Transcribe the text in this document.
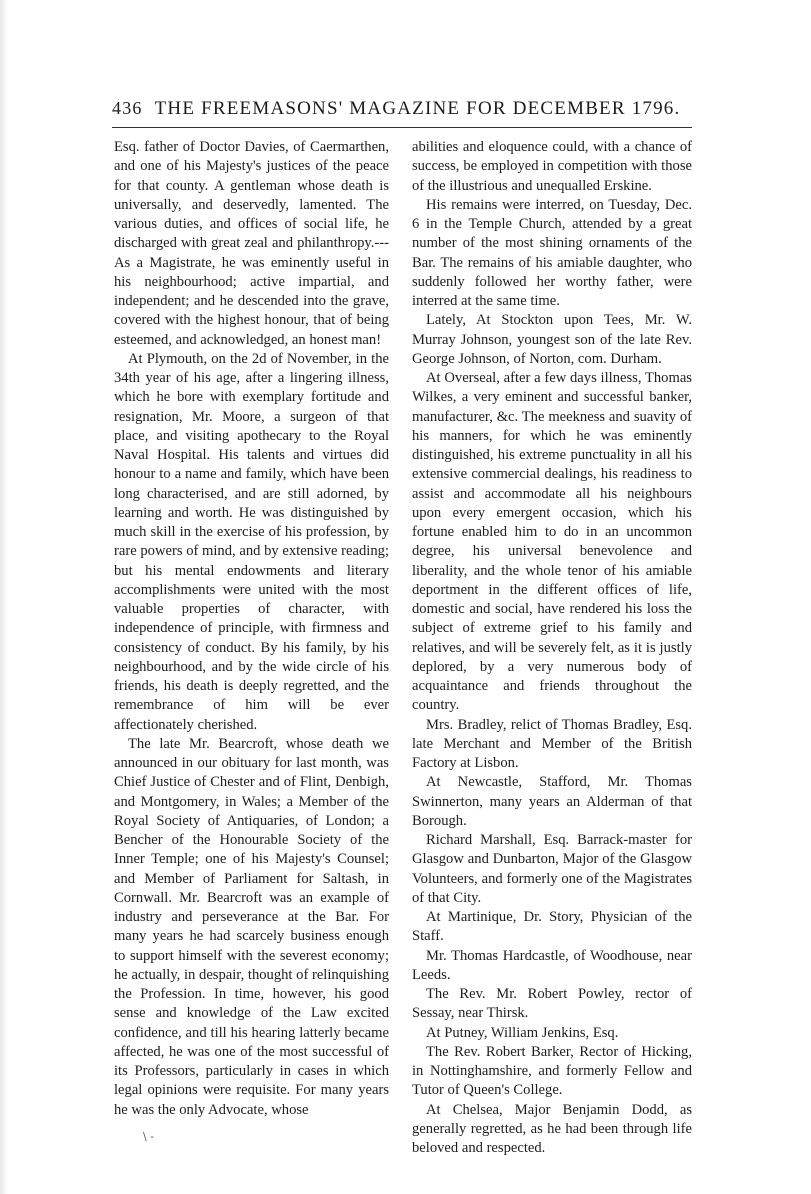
436 THE FREEMASONS' MAGAZINE FOR DECEMBER 1796.

Esq. father of Doctor Davies, of Caermarthen, and one of his Majesty's justices of the peace for that county. A gentleman whose death is universally, and deservedly, lamented. The various duties, and offices of social life, he discharged with great zeal and philanthropy.---As a Magistrate, he was eminently useful in his neighbourhood; active impartial, and independent; and he descended into the grave, covered with the highest honour, that of being esteemed, and acknowledged, an honest man!

At Plymouth, on the 2d of November, in the 34th year of his age, after a lingering illness, which he bore with exemplary fortitude and resignation, Mr. Moore, a surgeon of that place, and visiting apothecary to the Royal Naval Hospital. His talents and virtues did honour to a name and family, which have been long characterised, and are still adorned, by learning and worth. He was distinguished by much skill in the exercise of his profession, by rare powers of mind, and by extensive reading; but his mental endowments and literary accomplishments were united with the most valuable properties of character, with independence of principle, with firmness and consistency of conduct. By his family, by his neighbourhood, and by the wide circle of his friends, his death is deeply regretted, and the remembrance of him will be ever affectionately cherished.

The late Mr. Bearcroft, whose death we announced in our obituary for last month, was Chief Justice of Chester and of Flint, Denbigh, and Montgomery, in Wales; a Member of the Royal Society of Antiquaries, of London; a Bencher of the Honourable Society of the Inner Temple; one of his Majesty's Counsel; and Member of Parliament for Saltash, in Cornwall. Mr. Bearcroft was an example of industry and perseverance at the Bar. For many years he had scarcely business enough to support himself with the severest economy; he actually, in despair, thought of relinquishing the Profession. In time, however, his good sense and knowledge of the Law excited confidence, and till his hearing latterly became affected, he was one of the most successful of its Professors, particularly in cases in which legal opinions were requisite. For many years he was the only Advocate, whose

abilities and eloquence could, with a chance of success, be employed in competition with those of the illustrious and unequalled Erskine.

His remains were interred, on Tuesday, Dec. 6 in the Temple Church, attended by a great number of the most shining ornaments of the Bar. The remains of his amiable daughter, who suddenly followed her worthy father, were interred at the same time.

Lately, At Stockton upon Tees, Mr. W. Murray Johnson, youngest son of the late Rev. George Johnson, of Norton, com. Durham.

At Overseal, after a few days illness, Thomas Wilkes, a very eminent and successful banker, manufacturer, &c. The meekness and suavity of his manners, for which he was eminently distinguished, his extreme punctuality in all his extensive commercial dealings, his readiness to assist and accommodate all his neighbours upon every emergent occasion, which his fortune enabled him to do in an uncommon degree, his universal benevolence and liberality, and the whole tenor of his amiable deportment in the different offices of life, domestic and social, have rendered his loss the subject of extreme grief to his family and relatives, and will be severely felt, as it is justly deplored, by a very numerous body of acquaintance and friends throughout the country.

Mrs. Bradley, relict of Thomas Bradley, Esq. late Merchant and Member of the British Factory at Lisbon.

At Newcastle, Stafford, Mr. Thomas Swinnerton, many years an Alderman of that Borough.

Richard Marshall, Esq. Barrack-master for Glasgow and Dunbarton, Major of the Glasgow Volunteers, and formerly one of the Magistrates of that City.

At Martinique, Dr. Story, Physician of the Staff.

Mr. Thomas Hardcastle, of Woodhouse, near Leeds.

The Rev. Mr. Robert Powley, rector of Sessay, near Thirsk.

At Putney, William Jenkins, Esq.

The Rev. Robert Barker, Rector of Hicking, in Nottinghamshire, and formerly Fellow and Tutor of Queen's College.

At Chelsea, Major Benjamin Dodd, as generally regretted, as he had been through life beloved and respected.

\ -
